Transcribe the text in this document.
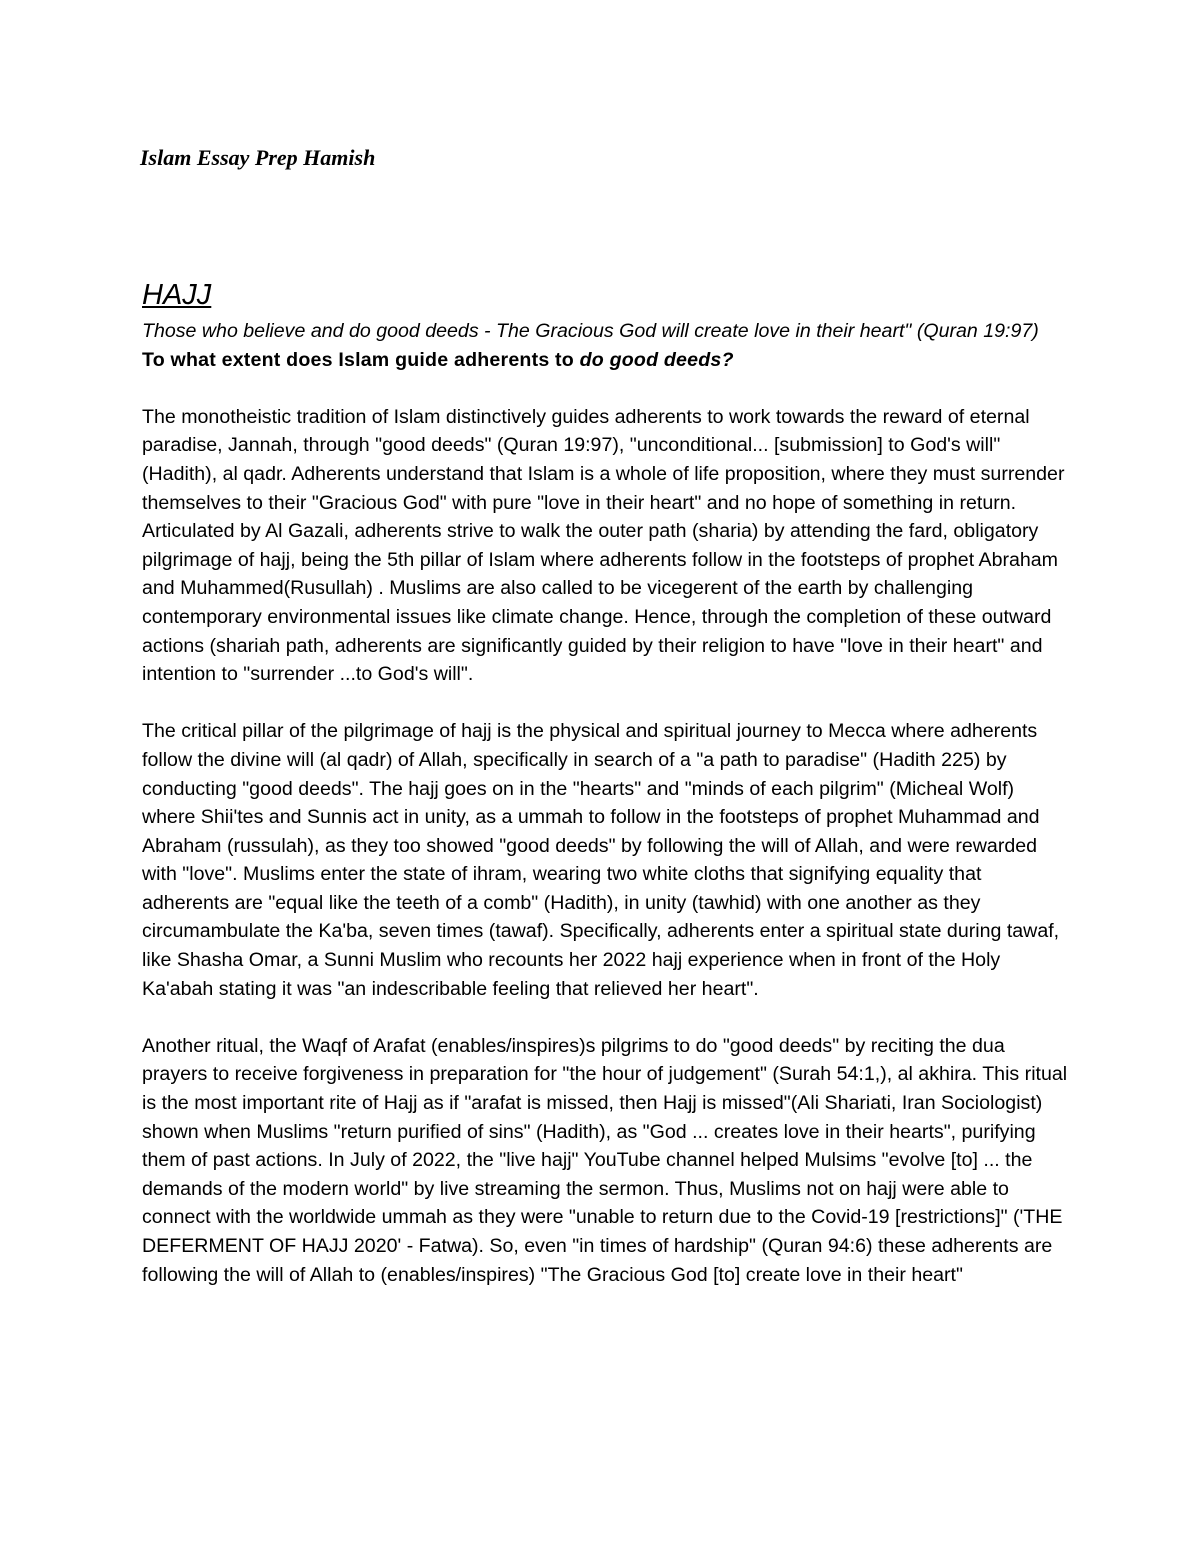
Islam Essay Prep Hamish
HAJJ

Those who believe and do good deeds - The Gracious God will create love in their heart" (Quran 19:97)

To what extent does Islam guide adherents to do good deeds?

The monotheistic tradition of Islam distinctively guides adherents to work towards the reward of eternal paradise, Jannah, through "good deeds" (Quran 19:97), "unconditional... [submission] to God's will" (Hadith), al qadr. Adherents understand that Islam is a whole of life proposition, where they must surrender themselves to their "Gracious God" with pure "love in their heart" and no hope of something in return. Articulated by Al Gazali, adherents strive to walk the outer path (sharia) by attending the fard, obligatory pilgrimage of hajj, being the 5th pillar of Islam where adherents follow in the footsteps of prophet Abraham and Muhammed(Rusullah) . Muslims are also called to be vicegerent of the earth by challenging contemporary environmental issues like climate change. Hence, through the completion of these outward actions (shariah path, adherents are significantly guided by their religion to have "love in their heart" and intention to "surrender ...to God's will".

The critical pillar of the pilgrimage of hajj is the physical and spiritual journey to Mecca where adherents follow the divine will (al qadr) of Allah, specifically in search of a "a path to paradise" (Hadith 225) by conducting "good deeds". The hajj goes on in the "hearts" and "minds of each pilgrim" (Micheal Wolf) where Shii'tes and Sunnis act in unity, as a ummah to follow in the footsteps of prophet Muhammad and Abraham (russulah), as they too showed "good deeds" by following the will of Allah, and were rewarded with "love". Muslims enter the state of ihram, wearing two white cloths that signifying equality that adherents are "equal like the teeth of a comb" (Hadith), in unity (tawhid) with one another as they circumambulate the Ka'ba, seven times (tawaf). Specifically, adherents enter a spiritual state during tawaf, like Shasha Omar, a Sunni Muslim who recounts her 2022 hajj experience when in front of the Holy Ka'abah stating it was "an indescribable feeling that relieved her heart".

Another ritual, the Waqf of Arafat (enables/inspires)s pilgrims to do "good deeds" by reciting the dua prayers to receive forgiveness in preparation for "the hour of judgement" (Surah 54:1,), al akhira. This ritual is the most important rite of Hajj as if "arafat is missed, then Hajj is missed"(Ali Shariati, Iran Sociologist) shown when Muslims "return purified of sins" (Hadith), as "God ... creates love in their hearts", purifying them of past actions. In July of 2022, the "live hajj" YouTube channel helped Mulsims "evolve [to] ... the demands of the modern world" by live streaming the sermon. Thus, Muslims not on hajj were able to connect with the worldwide ummah as they were "unable to return due to the Covid-19 [restrictions]" ('THE DEFERMENT OF HAJJ 2020' - Fatwa). So, even "in times of hardship" (Quran 94:6) these adherents are following the will of Allah to (enables/inspires) "The Gracious God [to] create love in their heart"
